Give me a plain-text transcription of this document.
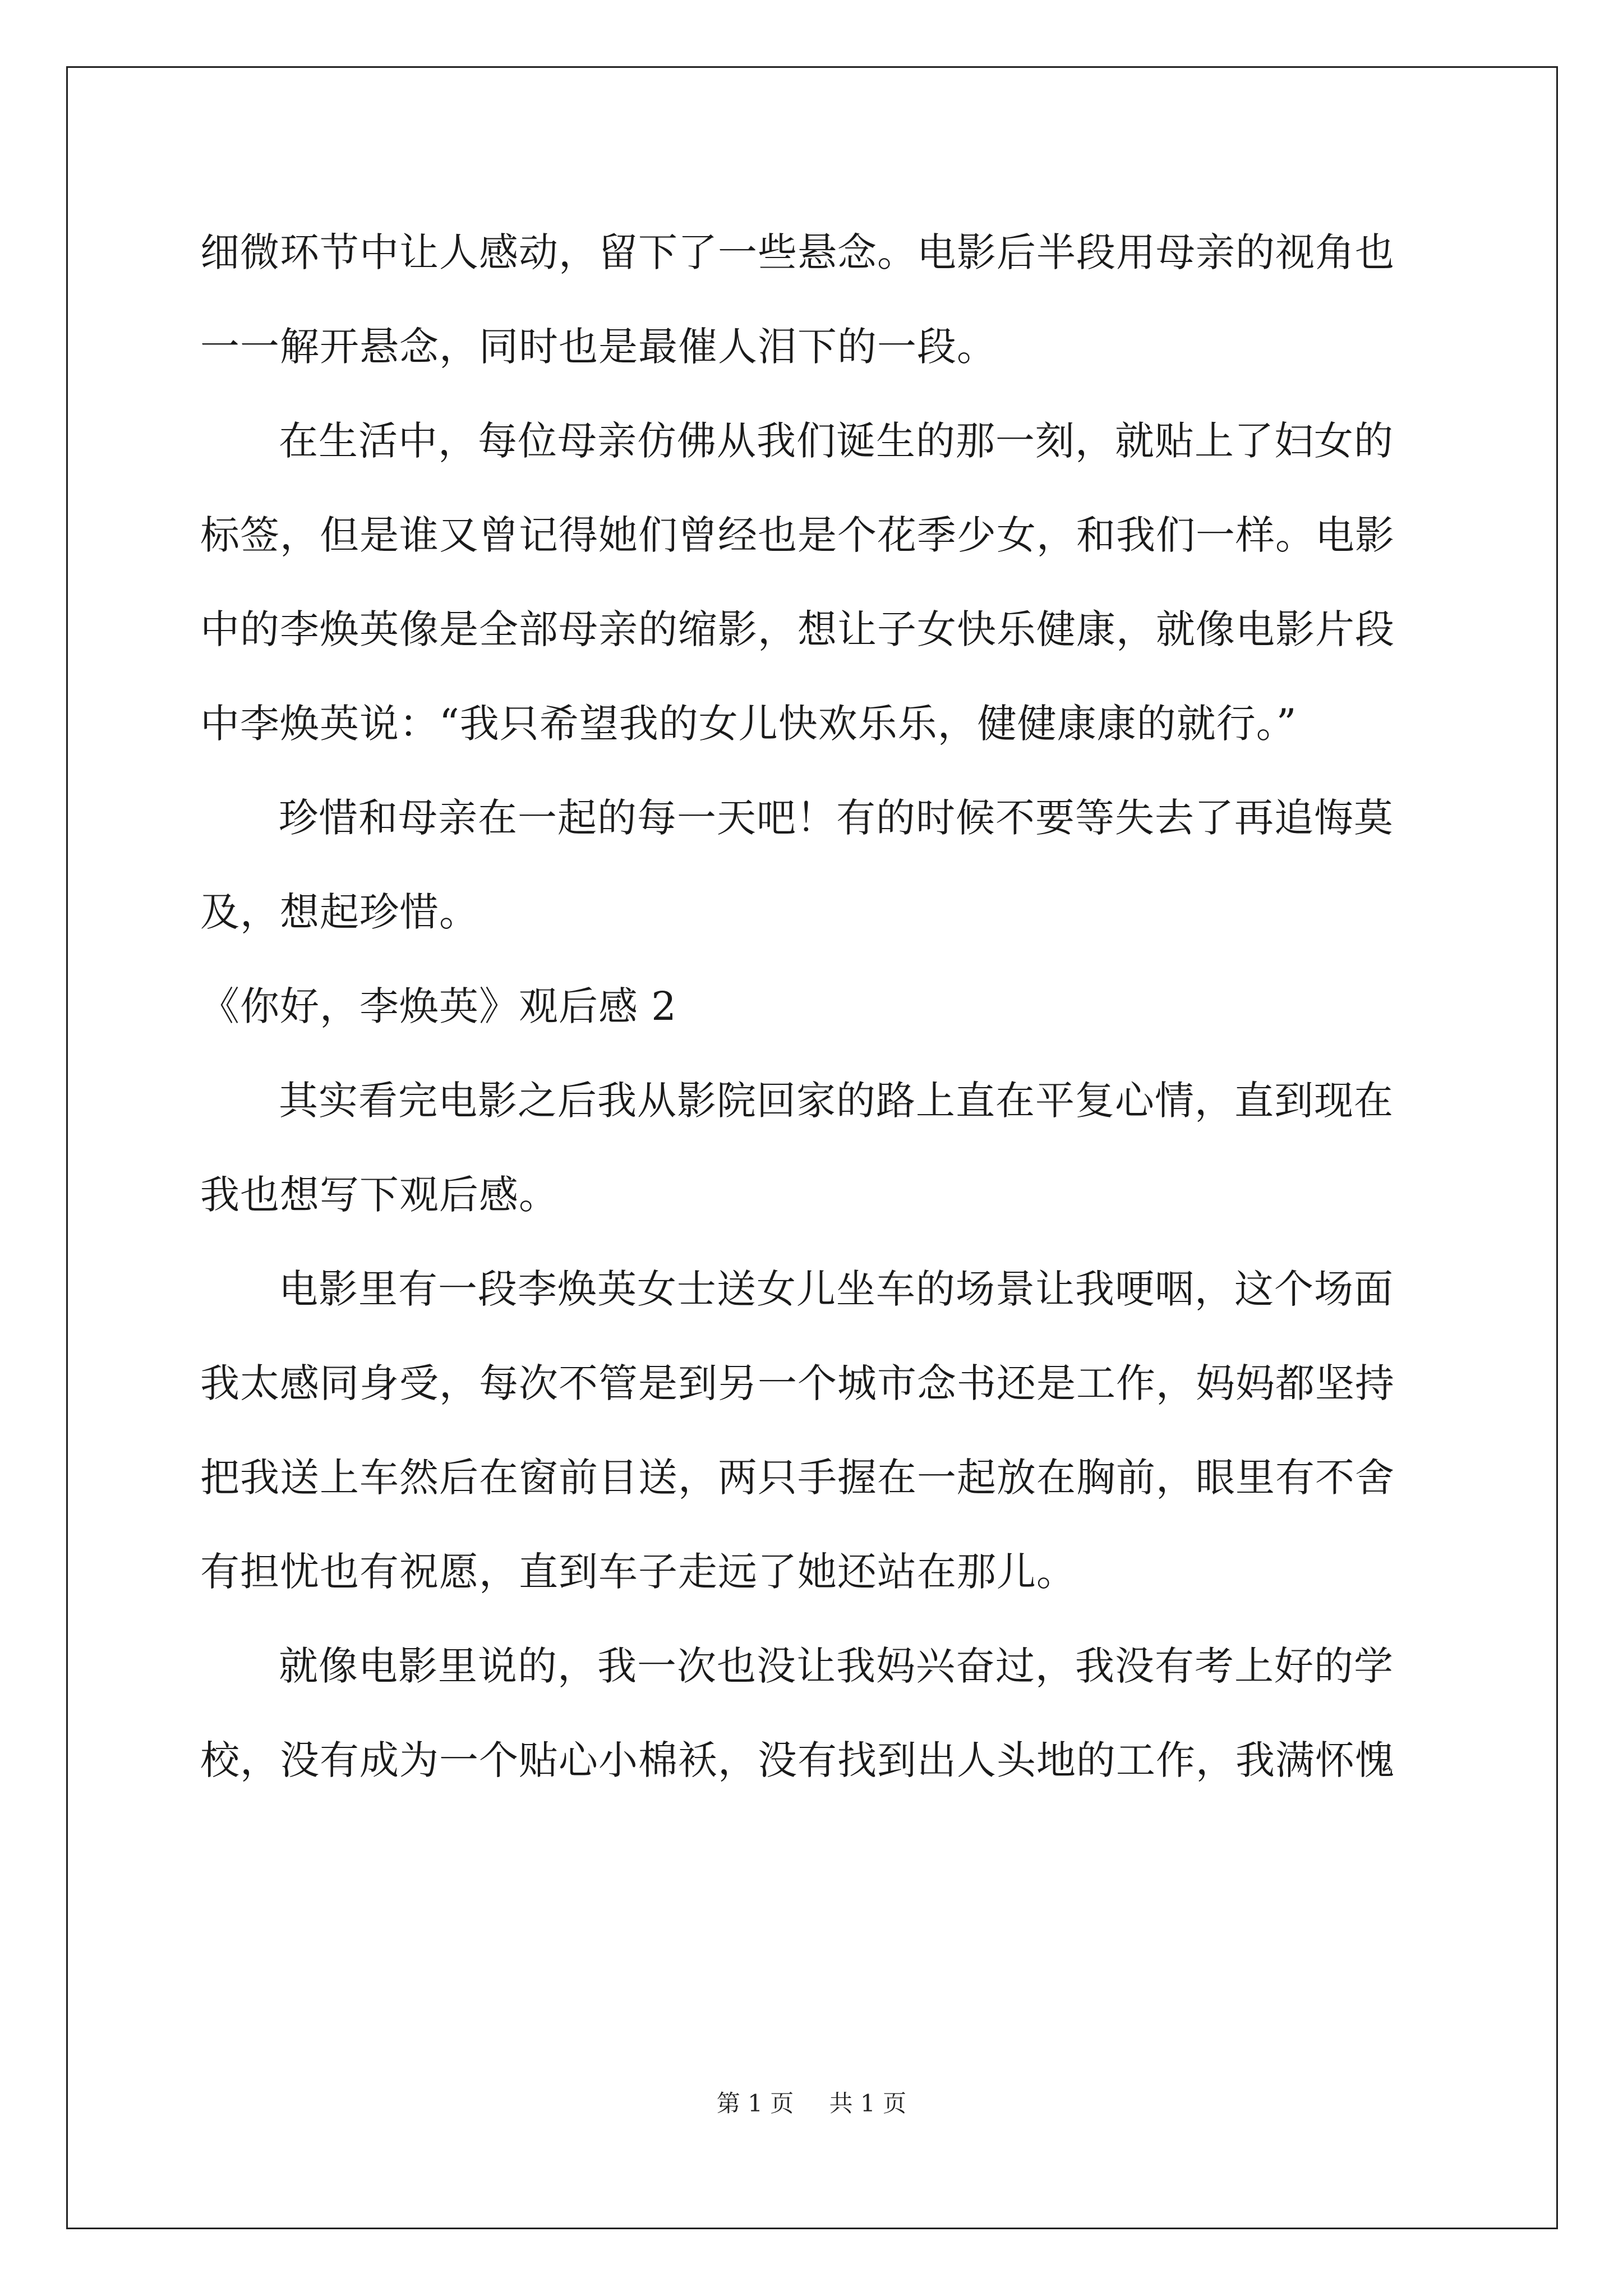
细微环节中让人感动，留下了一些悬念。电影后半段用母亲的视角也
一一解开悬念，同时也是最催人泪下的一段。
在生活中，每位母亲仿佛从我们诞生的那一刻，就贴上了妇女的
标签，但是谁又曾记得她们曾经也是个花季少女，和我们一样。电影
中的李焕英像是全部母亲的缩影，想让子女快乐健康，就像电影片段
中李焕英说：“我只希望我的女儿快欢乐乐，健健康康的就行。”
珍惜和母亲在一起的每一天吧！有的时候不要等失去了再追悔莫
及，想起珍惜。
《你好，李焕英》观后感 2
其实看完电影之后我从影院回家的路上直在平复心情，直到现在
我也想写下观后感。
电影里有一段李焕英女士送女儿坐车的场景让我哽咽，这个场面
我太感同身受，每次不管是到另一个城市念书还是工作，妈妈都坚持
把我送上车然后在窗前目送，两只手握在一起放在胸前，眼里有不舍
有担忧也有祝愿，直到车子走远了她还站在那儿。
就像电影里说的，我一次也没让我妈兴奋过，我没有考上好的学
校，没有成为一个贴心小棉袄，没有找到出人头地的工作，我满怀愧
第 1 页 共 1 页
